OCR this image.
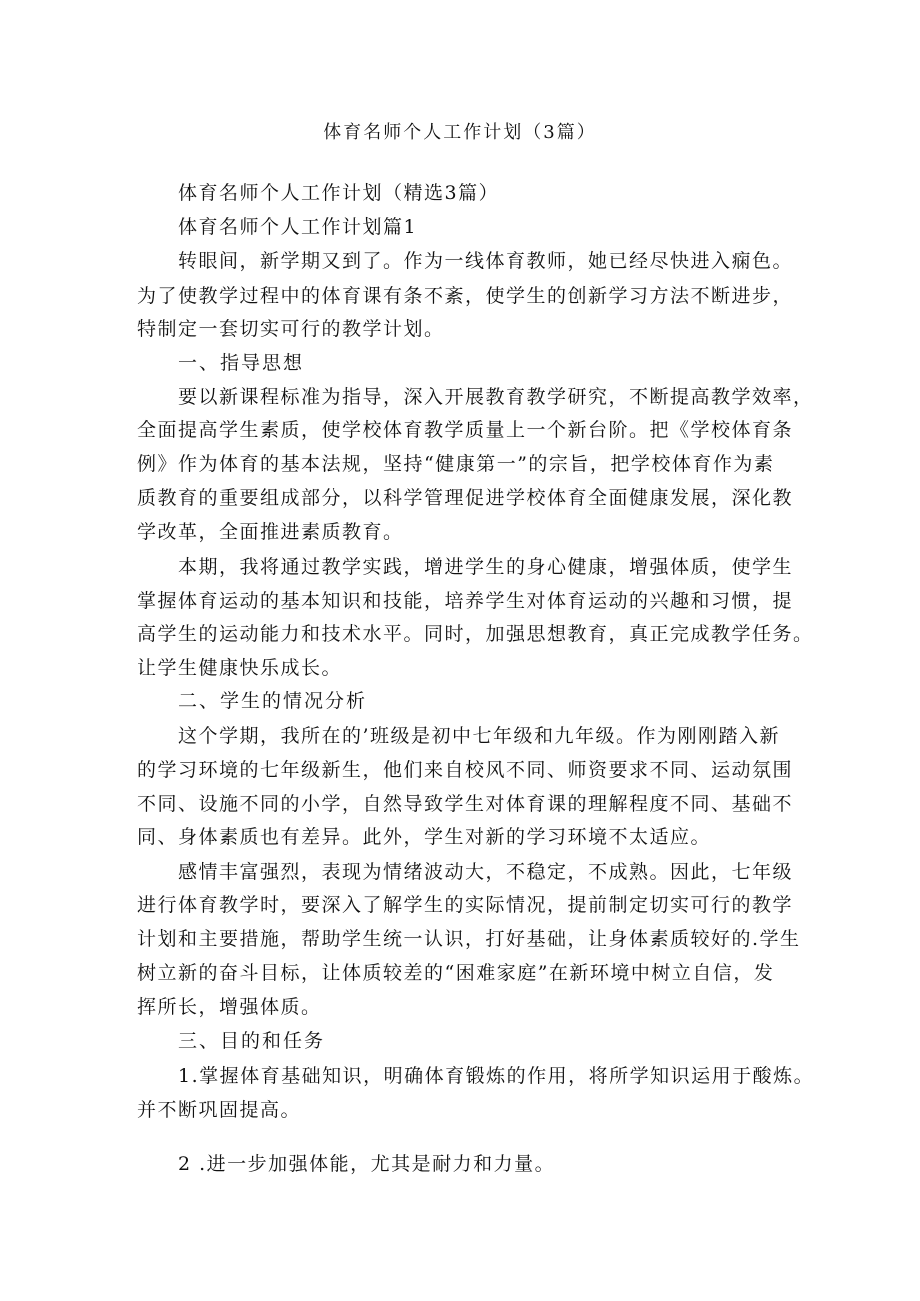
体育名师个人工作计划（3篇）
体育名师个人工作计划（精选3篇）
体育名师个人工作计划篇1
转眼间，新学期又到了。作为一线体育教师，她已经尽快进入痫色。
为了使教学过程中的体育课有条不紊，使学生的创新学习方法不断进步，
特制定一套切实可行的教学计划。
一、指导思想
要以新课程标准为指导，深入开展教育教学研究，不断提高教学效率，
全面提高学生素质，使学校体育教学质量上一个新台阶。把《学校体育条
例》作为体育的基本法规，坚持“健康第一”的宗旨，把学校体育作为素
质教育的重要组成部分，以科学管理促进学校体育全面健康发展，深化教
学改革，全面推进素质教育。
本期，我将通过教学实践，增进学生的身心健康，增强体质，使学生
掌握体育运动的基本知识和技能，培养学生对体育运动的兴趣和习惯，提
高学生的运动能力和技术水平。同时，加强思想教育，真正完成教学任务。
让学生健康快乐成长。
二、学生的情况分析
这个学期，我所在的’班级是初中七年级和九年级。作为刚刚踏入新
的学习环境的七年级新生，他们来自校风不同、师资要求不同、运动氛围
不同、设施不同的小学，自然导致学生对体育课的理解程度不同、基础不
同、身体素质也有差异。此外，学生对新的学习环境不太适应。
感情丰富强烈，表现为情绪波动大，不稳定，不成熟。因此，七年级
进行体育教学时，要深入了解学生的实际情况，提前制定切实可行的教学
计划和主要措施，帮助学生统一认识，打好基础，让身体素质较好的.学生
树立新的奋斗目标，让体质较差的“困难家庭”在新环境中树立自信，发
挥所长，增强体质。
三、目的和任务
1.掌握体育基础知识，明确体育锻炼的作用，将所学知识运用于酸炼。
并不断巩固提高。
2 .进一步加强体能，尤其是耐力和力量。
